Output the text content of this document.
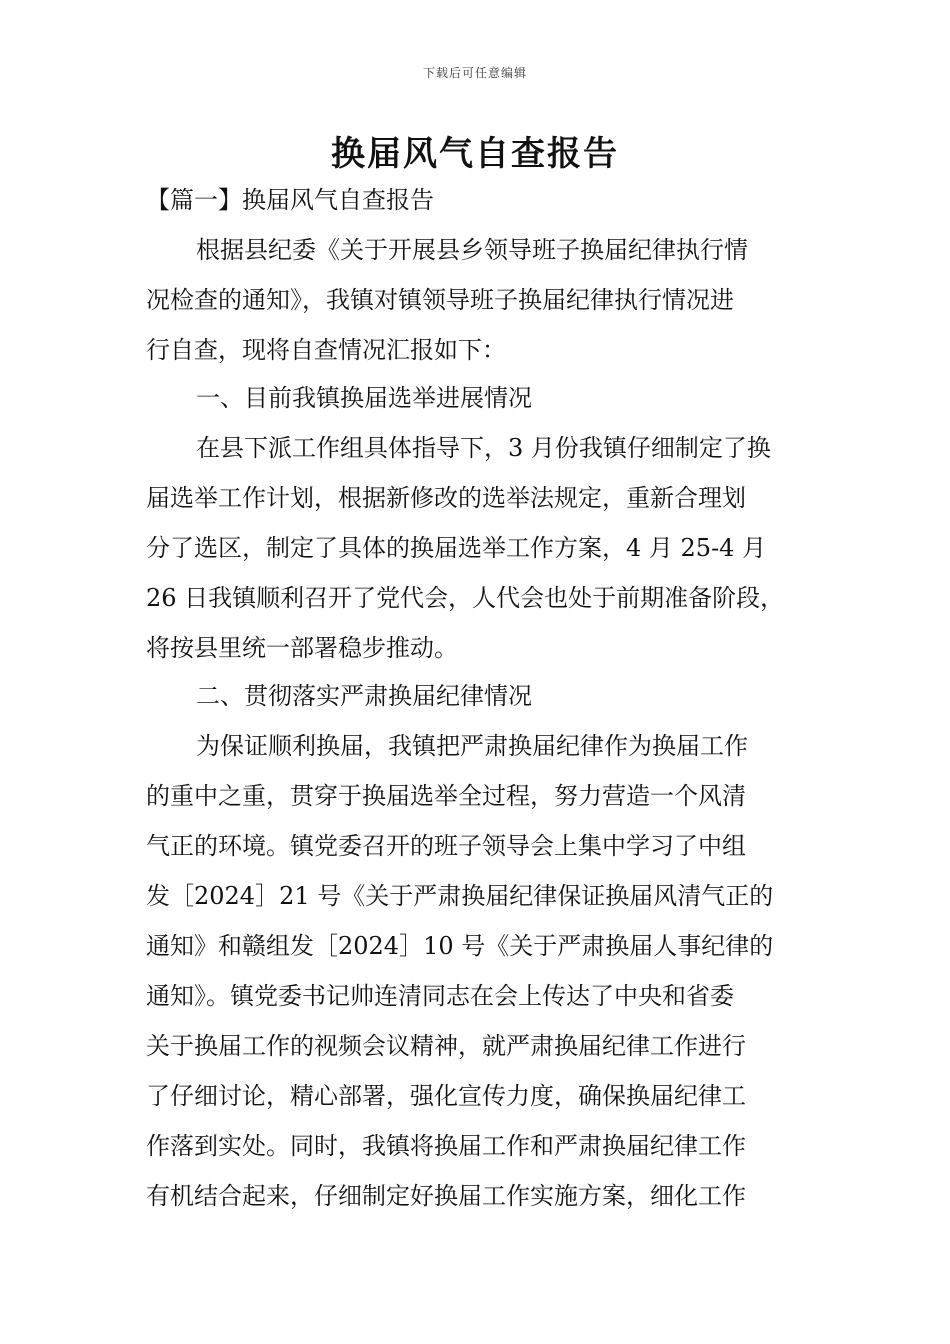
下载后可任意编辑
换届风气自查报告

【篇一】换届风气自查报告

根据县纪委《关于开展县乡领导班子换届纪律执行情

况检查的通知》，我镇对镇领导班子换届纪律执行情况进

行自查，现将自查情况汇报如下：

一、目前我镇换届选举进展情况

在县下派工作组具体指导下，3 月份我镇仔细制定了换

届选举工作计划，根据新修改的选举法规定，重新合理划

分了选区，制定了具体的换届选举工作方案，4 月 25-4 月

26 日我镇顺利召开了党代会，人代会也处于前期准备阶段，

将按县里统一部署稳步推动。

二、贯彻落实严肃换届纪律情况

为保证顺利换届，我镇把严肃换届纪律作为换届工作

的重中之重，贯穿于换届选举全过程，努力营造一个风清

气正的环境。镇党委召开的班子领导会上集中学习了中组

发［2024］21 号《关于严肃换届纪律保证换届风清气正的

通知》和赣组发［2024］10 号《关于严肃换届人事纪律的

通知》。镇党委书记帅连清同志在会上传达了中央和省委

关于换届工作的视频会议精神，就严肃换届纪律工作进行

了仔细讨论，精心部署，强化宣传力度，确保换届纪律工

作落到实处。同时，我镇将换届工作和严肃换届纪律工作

有机结合起来，仔细制定好换届工作实施方案，细化工作
